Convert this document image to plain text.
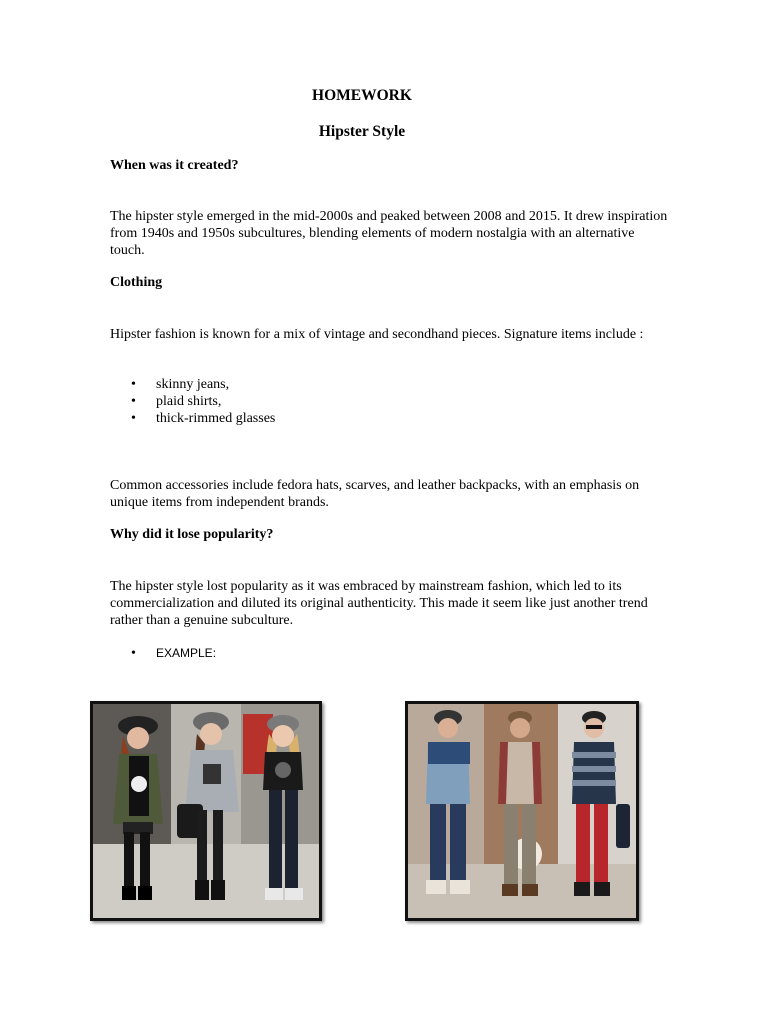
HOMEWORK
Hipster Style
When was it created?
The hipster style emerged in the mid-2000s and peaked between 2008 and 2015. It drew inspiration from 1940s and 1950s subcultures, blending elements of modern nostalgia with an alternative touch.
Clothing
Hipster fashion is known for a mix of vintage and secondhand pieces. Signature items include :
• skinny jeans,
• plaid shirts,
• thick-rimmed glasses
Common accessories include fedora hats, scarves, and leather backpacks, with an emphasis on unique items from independent brands.
Why did it lose popularity?
The hipster style lost popularity as it was embraced by mainstream fashion, which led to its commercialization and diluted its original authenticity. This made it seem like just another trend rather than a genuine subculture.
• EXAMPLE:
